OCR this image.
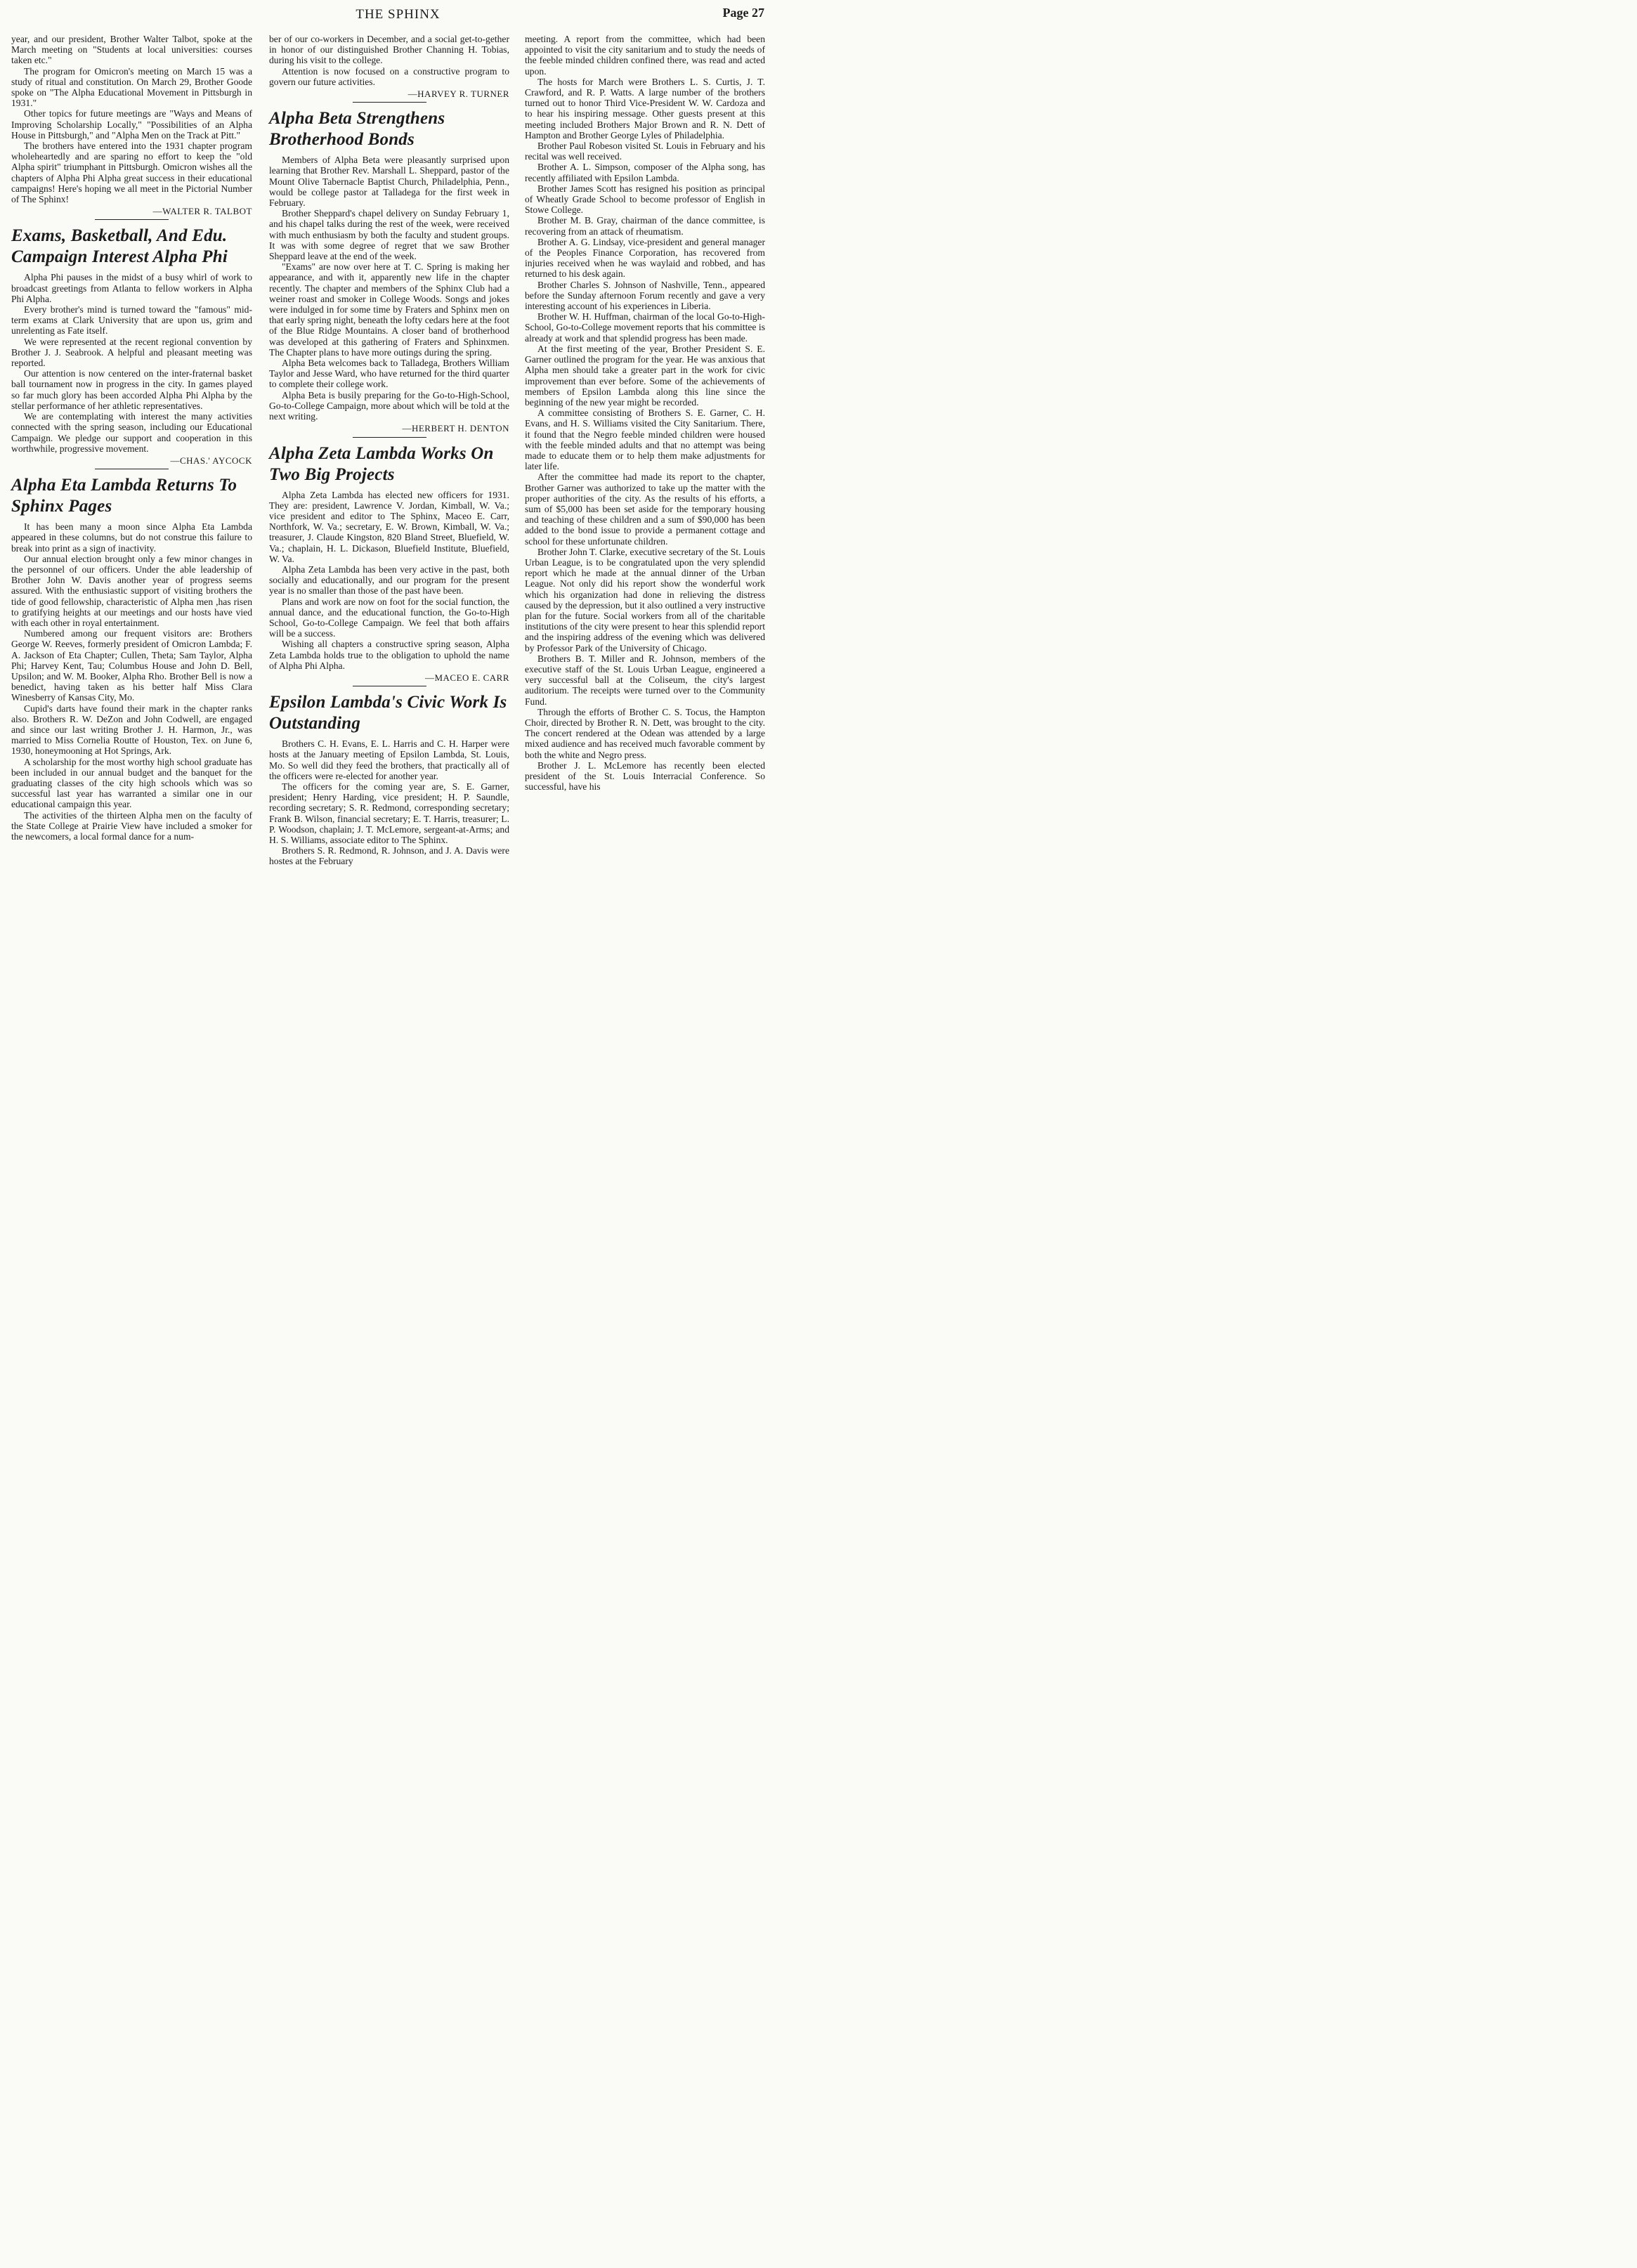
THE SPHINX	Page 27

year, and our president, Brother Walter Talbot, spoke at the March meeting on "Students at local universities: courses taken etc."

The program for Omicron's meeting on March 15 was a study of ritual and constitution. On March 29, Brother Goode spoke on "The Alpha Educational Movement in Pittsburgh in 1931."

Other topics for future meetings are "Ways and Means of Improving Scholarship Locally," "Possibilities of an Alpha House in Pittsburgh," and "Alpha Men on the Track at Pitt."

The brothers have entered into the 1931 chapter program wholeheartedly and are sparing no effort to keep the "old Alpha spirit" triumphant in Pittsburgh. Omicron wishes all the chapters of Alpha Phi Alpha great success in their educational campaigns! Here's hoping we all meet in the Pictorial Number of The Sphinx!

—WALTER R. TALBOT
Exams, Basketball, And Edu. Campaign Interest Alpha Phi

Alpha Phi pauses in the midst of a busy whirl of work to broadcast greetings from Atlanta to fellow workers in Alpha Phi Alpha.

Every brother's mind is turned toward the "famous" mid-term exams at Clark University that are upon us, grim and unrelenting as Fate itself.

We were represented at the recent regional convention by Brother J. J. Seabrook. A helpful and pleasant meeting was reported.

Our attention is now centered on the inter-fraternal basket ball tournament now in progress in the city. In games played so far much glory has been accorded Alpha Phi Alpha by the stellar performance of her athletic representatives.

We are contemplating with interest the many activities connected with the spring season, including our Educational Campaign. We pledge our support and cooperation in this worthwhile, progressive movement.

—CHAS.' AYCOCK
Alpha Eta Lambda Returns To Sphinx Pages

It has been many a moon since Alpha Eta Lambda appeared in these columns, but do not construe this failure to break into print as a sign of inactivity.

Our annual election brought only a few minor changes in the personnel of our officers. Under the able leadership of Brother John W. Davis another year of progress seems assured. With the enthusiastic support of visiting brothers the tide of good fellowship, characteristic of Alpha men ,has risen to gratifying heights at our meetings and our hosts have vied with each other in royal entertainment.

Numbered among our frequent visitors are: Brothers George W. Reeves, formerly president of Omicron Lambda; F. A. Jackson of Eta Chapter; Cullen, Theta; Sam Taylor, Alpha Phi; Harvey Kent, Tau; Columbus House and John D. Bell, Upsilon; and W. M. Booker, Alpha Rho. Brother Bell is now a benedict, having taken as his better half Miss Clara Winesberry of Kansas City, Mo.

Cupid's darts have found their mark in the chapter ranks also. Brothers R. W. DeZon and John Codwell, are engaged and since our last writing Brother J. H. Harmon, Jr., was married to Miss Cornelia Routte of Houston, Tex. on June 6, 1930, honeymooning at Hot Springs, Ark.

A scholarship for the most worthy high school graduate has been included in our annual budget and the banquet for the graduating classes of the city high schools which was so successful last year has warranted a similar one in our educational campaign this year.

The activities of the thirteen Alpha men on the faculty of the State College at Prairie View have included a smoker for the newcomers, a local formal dance for a num-

ber of our co-workers in December, and a social get-to-gether in honor of our distinguished Brother Channing H. Tobias, during his visit to the college.

Attention is now focused on a constructive program to govern our future activities.

—HARVEY R. TURNER
Alpha Beta Strengthens Brotherhood Bonds

Members of Alpha Beta were pleasantly surprised upon learning that Brother Rev. Marshall L. Sheppard, pastor of the Mount Olive Tabernacle Baptist Church, Philadelphia, Penn., would be college pastor at Talladega for the first week in February.

Brother Sheppard's chapel delivery on Sunday February 1, and his chapel talks during the rest of the week, were received with much enthusiasm by both the faculty and student groups. It was with some degree of regret that we saw Brother Sheppard leave at the end of the week.

"Exams" are now over here at T. C. Spring is making her appearance, and with it, apparently new life in the chapter recently. The chapter and members of the Sphinx Club had a weiner roast and smoker in College Woods. Songs and jokes were indulged in for some time by Fraters and Sphinx men on that early spring night, beneath the lofty cedars here at the foot of the Blue Ridge Mountains. A closer band of brotherhood was developed at this gathering of Fraters and Sphinxmen. The Chapter plans to have more outings during the spring.

Alpha Beta welcomes back to Talladega, Brothers William Taylor and Jesse Ward, who have returned for the third quarter to complete their college work.

Alpha Beta is busily preparing for the Go-to-High-School, Go-to-College Campaign, more about which will be told at the next writing.

—HERBERT H. DENTON
Alpha Zeta Lambda Works On Two Big Projects

Alpha Zeta Lambda has elected new officers for 1931. They are: president, Lawrence V. Jordan, Kimball, W. Va.; vice president and editor to The Sphinx, Maceo E. Carr, Northfork, W. Va.; secretary, E. W. Brown, Kimball, W. Va.; treasurer, J. Claude Kingston, 820 Bland Street, Bluefield, W. Va.; chaplain, H. L. Dickason, Bluefield Institute, Bluefield, W. Va.

Alpha Zeta Lambda has been very active in the past, both socially and educationally, and our program for the present year is no smaller than those of the past have been.

Plans and work are now on foot for the social function, the annual dance, and the educational function, the Go-to-High School, Go-to-College Campaign. We feel that both affairs will be a success.

Wishing all chapters a constructive spring season, Alpha Zeta Lambda holds true to the obligation to uphold the name of Alpha Phi Alpha.

—MACEO E. CARR
Epsilon Lambda's Civic Work Is Outstanding

Brothers C. H. Evans, E. L. Harris and C. H. Harper were hosts at the January meeting of Epsilon Lambda, St. Louis, Mo. So well did they feed the brothers, that practically all of the officers were re-elected for another year.

The officers for the coming year are, S. E. Garner, president; Henry Harding, vice president; H. P. Saundle, recording secretary; S. R. Redmond, corresponding secretary; Frank B. Wilson, financial secretary; E. T. Harris, treasurer; L. P. Woodson, chaplain; J. T. McLemore, sergeant-at-Arms; and H. S. Williams, associate editor to The Sphinx.

Brothers S. R. Redmond, R. Johnson, and J. A. Davis were hostes at the February

meeting. A report from the committee, which had been appointed to visit the city sanitarium and to study the needs of the feeble minded children confined there, was read and acted upon.

The hosts for March were Brothers L. S. Curtis, J. T. Crawford, and R. P. Watts. A large number of the brothers turned out to honor Third Vice-President W. W. Cardoza and to hear his inspiring message. Other guests present at this meeting included Brothers Major Brown and R. N. Dett of Hampton and Brother George Lyles of Philadelphia.

Brother Paul Robeson visited St. Louis in February and his recital was well received.

Brother A. L. Simpson, composer of the Alpha song, has recently affiliated with Epsilon Lambda.

Brother James Scott has resigned his position as principal of Wheatly Grade School to become professor of English in Stowe College.

Brother M. B. Gray, chairman of the dance committee, is recovering from an attack of rheumatism.

Brother A. G. Lindsay, vice-president and general manager of the Peoples Finance Corporation, has recovered from injuries received when he was waylaid and robbed, and has returned to his desk again.

Brother Charles S. Johnson of Nashville, Tenn., appeared before the Sunday afternoon Forum recently and gave a very interesting account of his experiences in Liberia.

Brother W. H. Huffman, chairman of the local Go-to-High-School, Go-to-College movement reports that his committee is already at work and that splendid progress has been made.

At the first meeting of the year, Brother President S. E. Garner outlined the program for the year. He was anxious that Alpha men should take a greater part in the work for civic improvement than ever before. Some of the achievements of members of Epsilon Lambda along this line since the beginning of the new year might be recorded.

A committee consisting of Brothers S. E. Garner, C. H. Evans, and H. S. Williams visited the City Sanitarium. There, it found that the Negro feeble minded children were housed with the feeble minded adults and that no attempt was being made to educate them or to help them make adjustments for later life.

After the committee had made its report to the chapter, Brother Garner was authorized to take up the matter with the proper authorities of the city. As the results of his efforts, a sum of $5,000 has been set aside for the temporary housing and teaching of these children and a sum of $90,000 has been added to the bond issue to provide a permanent cottage and school for these unfortunate children.

Brother John T. Clarke, executive secretary of the St. Louis Urban League, is to be congratulated upon the very splendid report which he made at the annual dinner of the Urban League. Not only did his report show the wonderful work which his organization had done in relieving the distress caused by the depression, but it also outlined a very instructive plan for the future. Social workers from all of the charitable institutions of the city were present to hear this splendid report and the inspiring address of the evening which was delivered by Professor Park of the University of Chicago.

Brothers B. T. Miller and R. Johnson, members of the executive staff of the St. Louis Urban League, engineered a very successful ball at the Coliseum, the city's largest auditorium. The receipts were turned over to the Community Fund.

Through the efforts of Brother C. S. Tocus, the Hampton Choir, directed by Brother R. N. Dett, was brought to the city. The concert rendered at the Odean was attended by a large mixed audience and has received much favorable comment by both the white and Negro press.

Brother J. L. McLemore has recently been elected president of the St. Louis Interracial Conference. So successful, have his
